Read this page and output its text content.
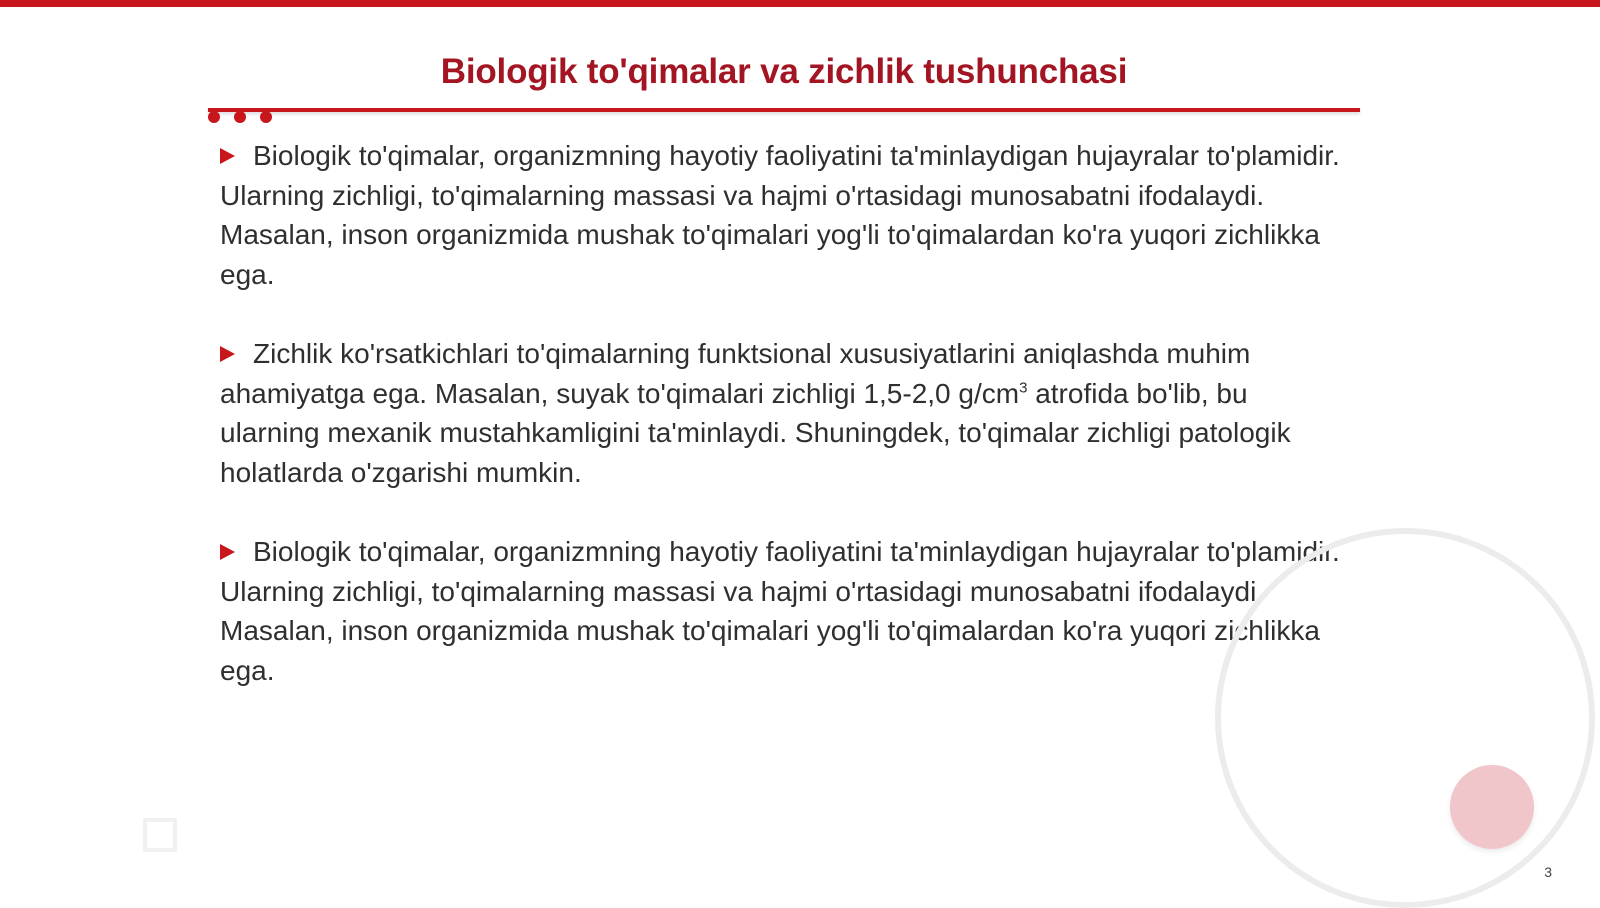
Biologik to'qimalar va zichlik tushunchasi

Biologik to'qimalar, organizmning hayotiy faoliyatini ta'minlaydigan hujayralar to'plamidir. Ularning zichligi, to'qimalarning massasi va hajmi o'rtasidagi munosabatni ifodalaydi. Masalan, inson organizmida mushak to'qimalari yog'li to'qimalardan ko'ra yuqori zichlikka ega.

Zichlik ko'rsatkichlari to'qimalarning funktsional xususiyatlarini aniqlashda muhim ahamiyatga ega. Masalan, suyak to'qimalari zichligi 1,5-2,0 $g/cm^3$ atrofida bo'lib, bu ularning mexanik mustahkamligini ta'minlaydi. Shuningdek, to'qimalar zichligi patologik holatlarda o'zgarishi mumkin.

Biologik to'qimalar, organizmning hayotiy faoliyatini ta'minlaydigan hujayralar to'plamidir. Ularning zichligi, to'qimalarning massasi va hajmi o'rtasidagi munosabatni ifodalaydi. Masalan, inson organizmida mushak to'qimalari yog'li to'qimalardan ko'ra yuqori zichlikka ega.

3
